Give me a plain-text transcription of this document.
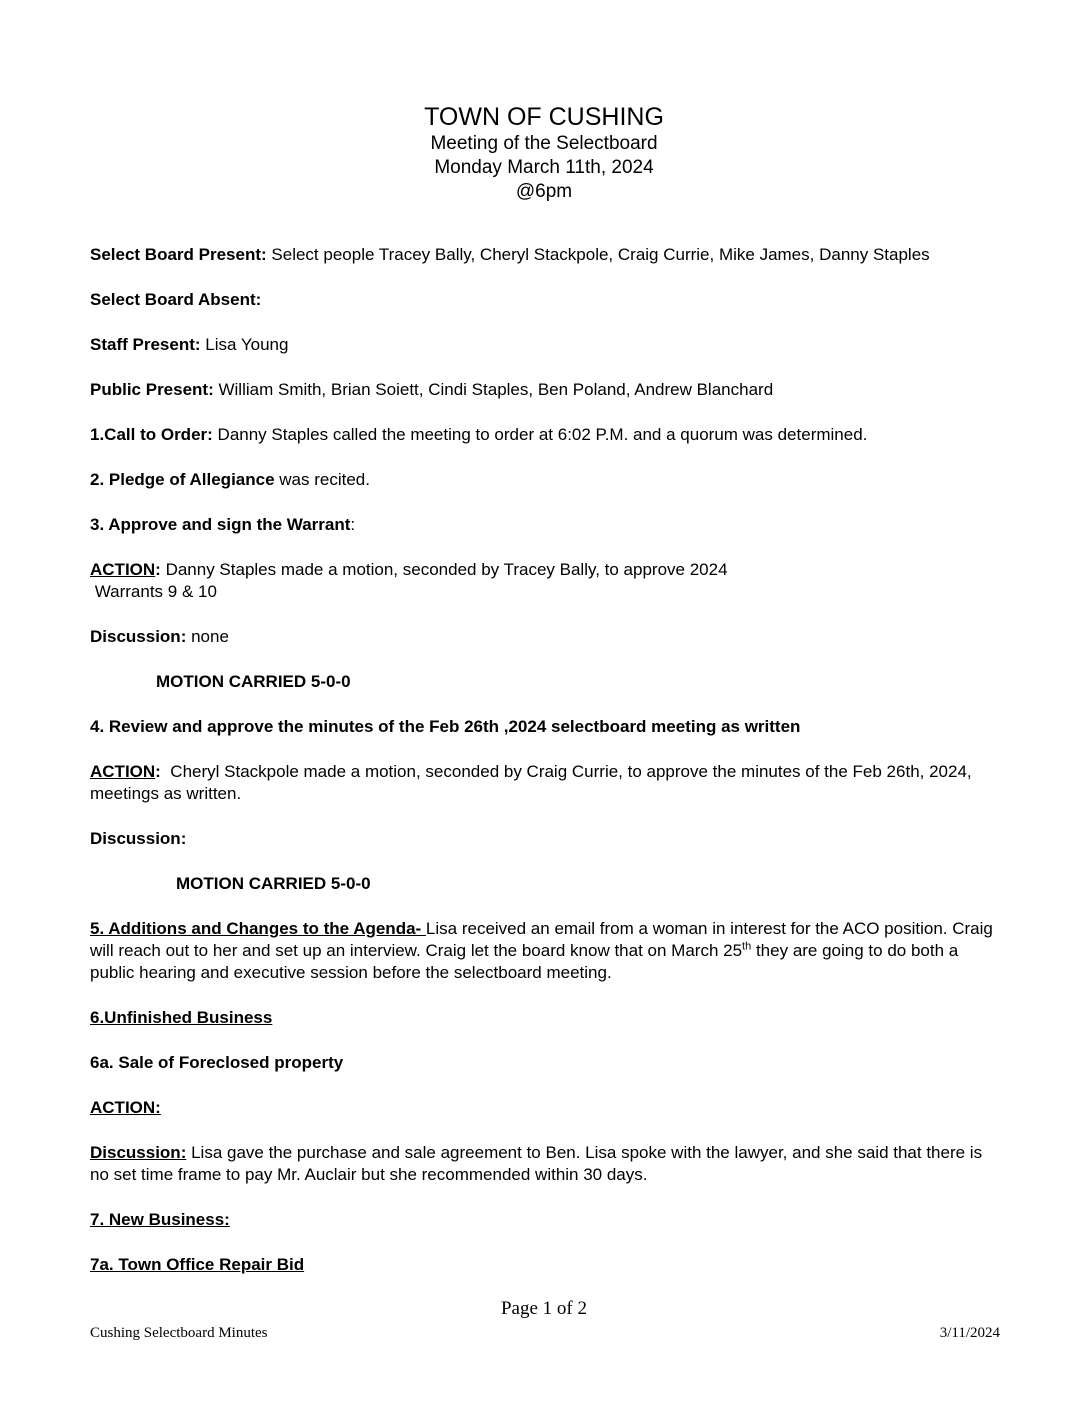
TOWN OF CUSHING
Meeting of the Selectboard
Monday March 11th, 2024
@6pm

Select Board Present: Select people Tracey Bally, Cheryl Stackpole, Craig Currie, Mike James, Danny Staples

Select Board Absent:

Staff Present: Lisa Young

Public Present: William Smith, Brian Soiett, Cindi Staples, Ben Poland, Andrew Blanchard

1.Call to Order: Danny Staples called the meeting to order at 6:02 P.M. and a quorum was determined.

2. Pledge of Allegiance was recited.

3. Approve and sign the Warrant:

ACTION: Danny Staples made a motion, seconded by Tracey Bally, to approve 2024
Warrants 9 & 10

Discussion: none

MOTION CARRIED 5-0-0

4. Review and approve the minutes of the Feb 26th ,2024 selectboard meeting as written

ACTION:  Cheryl Stackpole made a motion, seconded by Craig Currie, to approve the minutes of the Feb 26th, 2024, meetings as written.

Discussion:

MOTION CARRIED 5-0-0

5. Additions and Changes to the Agenda- Lisa received an email from a woman in interest for the ACO position. Craig will reach out to her and set up an interview. Craig let the board know that on March 25th they are going to do both a public hearing and executive session before the selectboard meeting.

6.Unfinished Business

6a. Sale of Foreclosed property

ACTION:

Discussion: Lisa gave the purchase and sale agreement to Ben. Lisa spoke with the lawyer, and she said that there is no set time frame to pay Mr. Auclair but she recommended within 30 days.

7. New Business:

7a. Town Office Repair Bid

Page 1 of 2
Cushing Selectboard Minutes	3/11/2024
